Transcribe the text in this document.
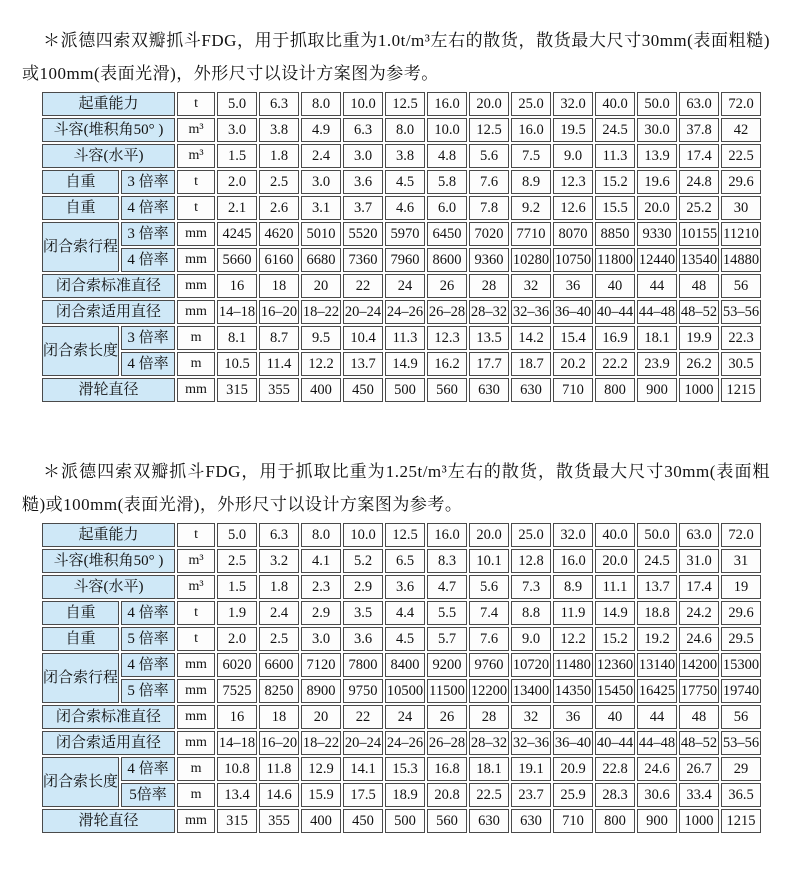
＊派德四索双瓣抓斗FDG，用于抓取比重为1.0t/m³左右的散货，散货最大尺寸30mm(表面粗糙)或100mm(表面光滑)，外形尺寸以设计方案图为参考。

起重能力		t	5.0	6.3	8.0	10.0	12.5	16.0	20.0	25.0	32.0	40.0	50.0	63.0	72.0
斗容(堆积角50° )		m³	3.0	3.8	4.9	6.3	8.0	10.0	12.5	16.0	19.5	24.5	30.0	37.8	42
斗容(水平)		m³	1.5	1.8	2.4	3.0	3.8	4.8	5.6	7.5	9.0	11.3	13.9	17.4	22.5
自重	3 倍率	t	2.0	2.5	3.0	3.6	4.5	5.8	7.6	8.9	12.3	15.2	19.6	24.8	29.6
自重	4 倍率	t	2.1	2.6	3.1	3.7	4.6	6.0	7.8	9.2	12.6	15.5	20.0	25.2	30
闭合索行程	3 倍率	mm	4245	4620	5010	5520	5970	6450	7020	7710	8070	8850	9330	10155	11210
	4 倍率	mm	5660	6160	6680	7360	7960	8600	9360	10280	10750	11800	12440	13540	14880
闭合索标准直径		mm	16	18	20	22	24	26	28	32	36	40	44	48	56
闭合索适用直径		mm	14–18	16–20	18–22	20–24	24–26	26–28	28–32	32–36	36–40	40–44	44–48	48–52	53–56
闭合索长度	3 倍率	m	8.1	8.7	9.5	10.4	11.3	12.3	13.5	14.2	15.4	16.9	18.1	19.9	22.3
	4 倍率	m	10.5	11.4	12.2	13.7	14.9	16.2	17.7	18.7	20.2	22.2	23.9	26.2	30.5
滑轮直径		mm	315	355	400	450	500	560	630	630	710	800	900	1000	1215

＊派德四索双瓣抓斗FDG，用于抓取比重为1.25t/m³左右的散货，散货最大尺寸30mm(表面粗糙)或100mm(表面光滑)，外形尺寸以设计方案图为参考。

起重能力		t	5.0	6.3	8.0	10.0	12.5	16.0	20.0	25.0	32.0	40.0	50.0	63.0	72.0
斗容(堆积角50° )		m³	2.5	3.2	4.1	5.2	6.5	8.3	10.1	12.8	16.0	20.0	24.5	31.0	31
斗容(水平)		m³	1.5	1.8	2.3	2.9	3.6	4.7	5.6	7.3	8.9	11.1	13.7	17.4	19
自重	4 倍率	t	1.9	2.4	2.9	3.5	4.4	5.5	7.4	8.8	11.9	14.9	18.8	24.2	29.6
自重	5 倍率	t	2.0	2.5	3.0	3.6	4.5	5.7	7.6	9.0	12.2	15.2	19.2	24.6	29.5
闭合索行程	4 倍率	mm	6020	6600	7120	7800	8400	9200	9760	10720	11480	12360	13140	14200	15300
	5 倍率	mm	7525	8250	8900	9750	10500	11500	12200	13400	14350	15450	16425	17750	19740
闭合索标准直径		mm	16	18	20	22	24	26	28	32	36	40	44	48	56
闭合索适用直径		mm	14–18	16–20	18–22	20–24	24–26	26–28	28–32	32–36	36–40	40–44	44–48	48–52	53–56
闭合索长度	4 倍率	m	10.8	11.8	12.9	14.1	15.3	16.8	18.1	19.1	20.9	22.8	24.6	26.7	29
	5倍率	m	13.4	14.6	15.9	17.5	18.9	20.8	22.5	23.7	25.9	28.3	30.6	33.4	36.5
滑轮直径		mm	315	355	400	450	500	560	630	630	710	800	900	1000	1215
